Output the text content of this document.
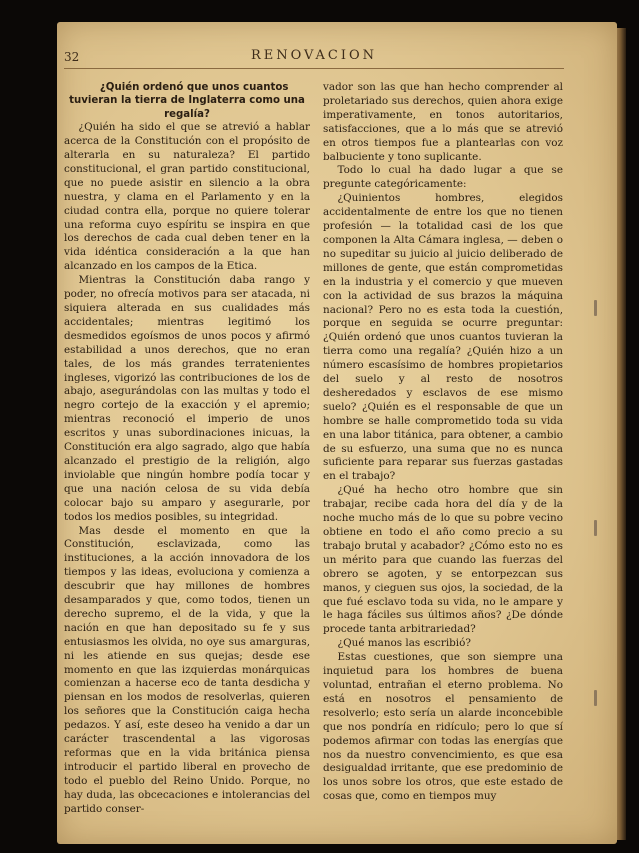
32	RENOVACION

¿Quién ordenó que unos cuantos tuvieran la tierra de Inglaterra como una regalía?

¿Quién ha sido el que se atrevió a hablar acerca de la Constitución con el propósito de alterarla en su naturaleza? El partido constitucional, el gran partido constitucional, que no puede asistir en silencio a la obra nuestra, y clama en el Parlamento y en la ciudad contra ella, porque no quiere tolerar una reforma cuyo espíritu se inspira en que los derechos de cada cual deben tener en la vida idéntica consideración a la que han alcanzado en los campos de la Etica.

Mientras la Constitución daba rango y poder, no ofrecía motivos para ser atacada, ni siquiera alterada en sus cualidades más accidentales; mientras legitimó los desmedidos egoísmos de unos pocos y afirmó estabilidad a unos derechos, que no eran tales, de los más grandes terratenientes ingleses, vigorizó las contribuciones de los de abajo, asegurándolas con las multas y todo el negro cortejo de la exacción y el apremio; mientras reconoció el imperio de unos escritos y unas subordinaciones inicuas, la Constitución era algo sagrado, algo que había alcanzado el prestigio de la religión, algo inviolable que ningún hombre podía tocar y que una nación celosa de su vida debía colocar bajo su amparo y asegurarle, por todos los medios posibles, su integridad.

Mas desde el momento en que la Constitución, esclavizada, como las instituciones, a la acción innovadora de los tiempos y las ideas, evoluciona y comienza a descubrir que hay millones de hombres desamparados y que, como todos, tienen un derecho supremo, el de la vida, y que la nación en que han depositado su fe y sus entusiasmos les olvida, no oye sus amarguras, ni les atiende en sus quejas; desde ese momento en que las izquierdas monárquicas comienzan a hacerse eco de tanta desdicha y piensan en los modos de resolverlas, quieren los señores que la Constitución caiga hecha pedazos. Y así, este deseo ha venido a dar un carácter trascendental a las vigorosas reformas que en la vida británica piensa introducir el partido liberal en provecho de todo el pueblo del Reino Unido. Porque, no hay duda, las obcecaciones e intolerancias del partido conser-

vador son las que han hecho comprender al proletariado sus derechos, quien ahora exige imperativamente, en tonos autoritarios, satisfacciones, que a lo más que se atrevió en otros tiempos fue a plantearlas con voz balbuciente y tono suplicante.

Todo lo cual ha dado lugar a que se pregunte categóricamente:

¿Quinientos hombres, elegidos accidentalmente de entre los que no tienen profesión — la totalidad casi de los que componen la Alta Cámara inglesa, — deben o no supeditar su juicio al juicio deliberado de millones de gente, que están comprometidas en la industria y el comercio y que mueven con la actividad de sus brazos la máquina nacional? Pero no es esta toda la cuestión, porque en seguida se ocurre preguntar: ¿Quién ordenó que unos cuantos tuvieran la tierra como una regalía? ¿Quién hizo a un número escasísimo de hombres propietarios del suelo y al resto de nosotros desheredados y esclavos de ese mismo suelo? ¿Quién es el responsable de que un hombre se halle comprometido toda su vida en una labor titánica, para obtener, a cambio de su esfuerzo, una suma que no es nunca suficiente para reparar sus fuerzas gastadas en el trabajo?

¿Qué ha hecho otro hombre que sin trabajar, recibe cada hora del día y de la noche mucho más de lo que su pobre vecino obtiene en todo el año como precio a su trabajo brutal y acabador? ¿Cómo esto no es un mérito para que cuando las fuerzas del obrero se agoten, y se entorpezcan sus manos, y cieguen sus ojos, la sociedad, de la que fué esclavo toda su vida, no le ampare y le haga fáciles sus últimos años? ¿De dónde procede tanta arbitrariedad?

¿Qué manos las escribió?

Estas cuestiones, que son siempre una inquietud para los hombres de buena voluntad, entrañan el eterno problema. No está en nosotros el pensamiento de resolverlo; esto sería un alarde inconcebible que nos pondría en ridículo; pero lo que sí podemos afirmar con todas las energías que nos da nuestro convencimiento, es que esa desigualdad irritante, que ese predominio de los unos sobre los otros, que este estado de cosas que, como en tiempos muy
